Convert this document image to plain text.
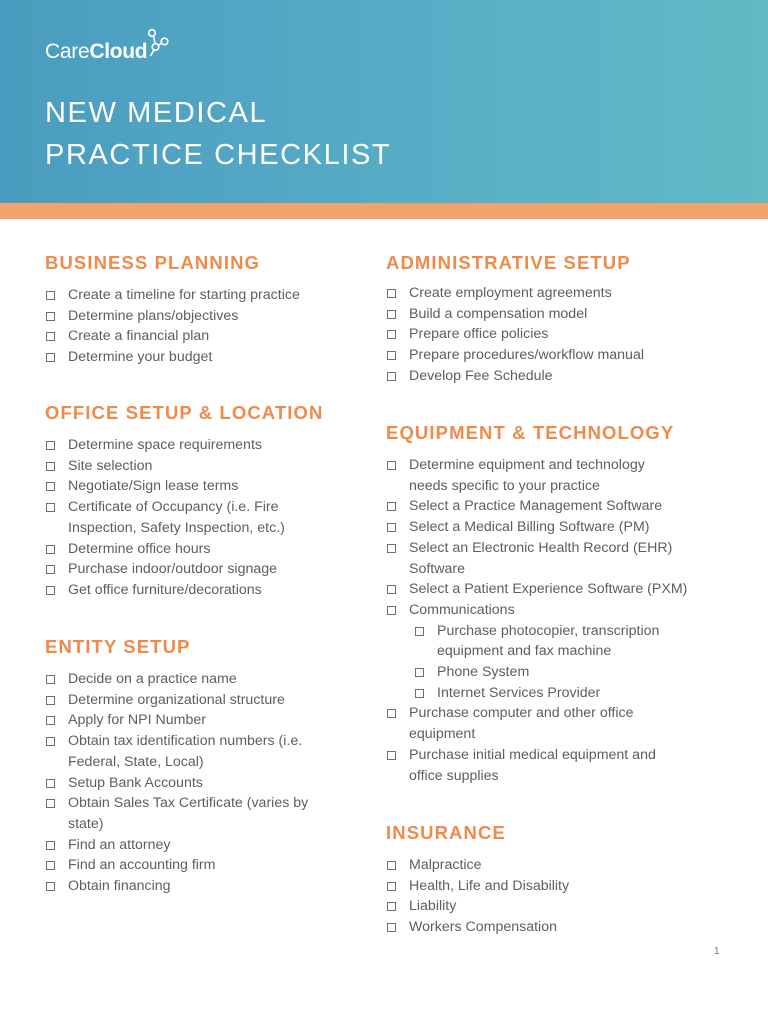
CareCloud
NEW MEDICAL
PRACTICE CHECKLIST
BUSINESS PLANNING
Create a timeline for starting practice
Determine plans/objectives
Create a financial plan
Determine your budget
OFFICE SETUP & LOCATION
Determine space requirements
Site selection
Negotiate/Sign lease terms
Certificate of Occupancy (i.e. Fire Inspection, Safety Inspection, etc.)
Determine office hours
Purchase indoor/outdoor signage
Get office furniture/decorations
ENTITY SETUP
Decide on a practice name
Determine organizational structure
Apply for NPI Number
Obtain tax identification numbers (i.e. Federal, State, Local)
Setup Bank Accounts
Obtain Sales Tax Certificate (varies by state)
Find an attorney
Find an accounting firm
Obtain financing
ADMINISTRATIVE SETUP
Create employment agreements
Build a compensation model
Prepare office policies
Prepare procedures/workflow manual
Develop Fee Schedule
EQUIPMENT & TECHNOLOGY
Determine equipment and technology needs specific to your practice
Select a Practice Management Software
Select a Medical Billing Software (PM)
Select an Electronic Health Record (EHR) Software
Select a Patient Experience Software (PXM)
Communications
Purchase photocopier, transcription equipment and fax machine
Phone System
Internet Services Provider
Purchase computer and other office equipment
Purchase initial medical equipment and office supplies
INSURANCE
Malpractice
Health, Life and Disability
Liability
Workers Compensation
1
